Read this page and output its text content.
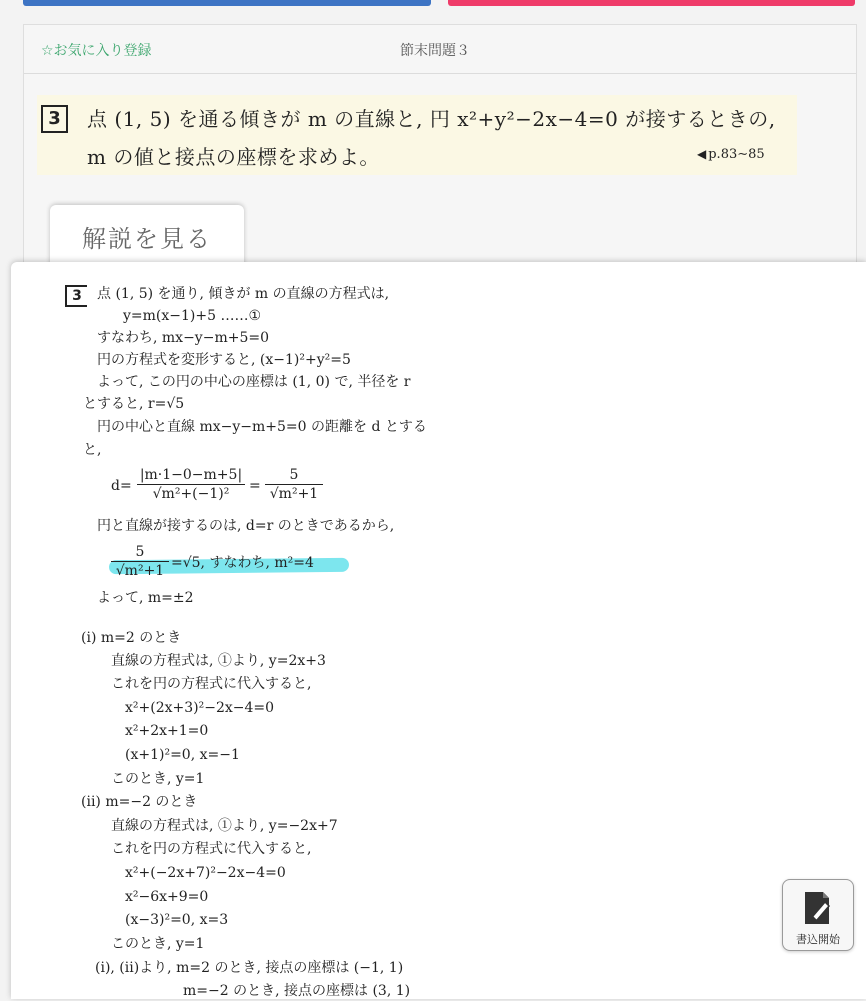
☆お気に入り登録	節末問題３
3	点 (1, 5) を通る傾きが m の直線と, 円 x²+y²−2x−4=0 が接するときの,
m の値と接点の座標を求めよ。	◀ p.83∼85
解説を見る
3	点 (1, 5) を通り, 傾きが m の直線の方程式は,
y=m(x−1)+5 ……①
すなわち, mx−y−m+5=0
円の方程式を変形すると, (x−1)²+y²=5
よって, この円の中心の座標は (1, 0) で, 半径を r
とすると, r=√5
円の中心と直線 mx−y−m+5=0 の距離を d とする
と,
$d= \frac{|m\cdot 1-0-m+5|}{\text{√m²+(−1)²}} = \frac{5}{\text{√m²+1}}$
円と直線が接するのは, d=r のときであるから,
$\frac{5}{\text{√m²+1}} =√5$, すなわち, m²=4
よって, m=±2
(i) m=2 のとき
直線の方程式は, ①より, y=2x+3
これを円の方程式に代入すると,
x²+(2x+3)²−2x−4=0
x²+2x+1=0
(x+1)²=0, x=−1
このとき, y=1
(ii) m=−2 のとき
直線の方程式は, ①より, y=−2x+7
これを円の方程式に代入すると,
x²+(−2x+7)²−2x−4=0
x²−6x+9=0
(x−3)²=0, x=3
このとき, y=1
(i), (ii)より, m=2 のとき, 接点の座標は (−1, 1)
m=−2 のとき, 接点の座標は (3, 1)
書込開始
